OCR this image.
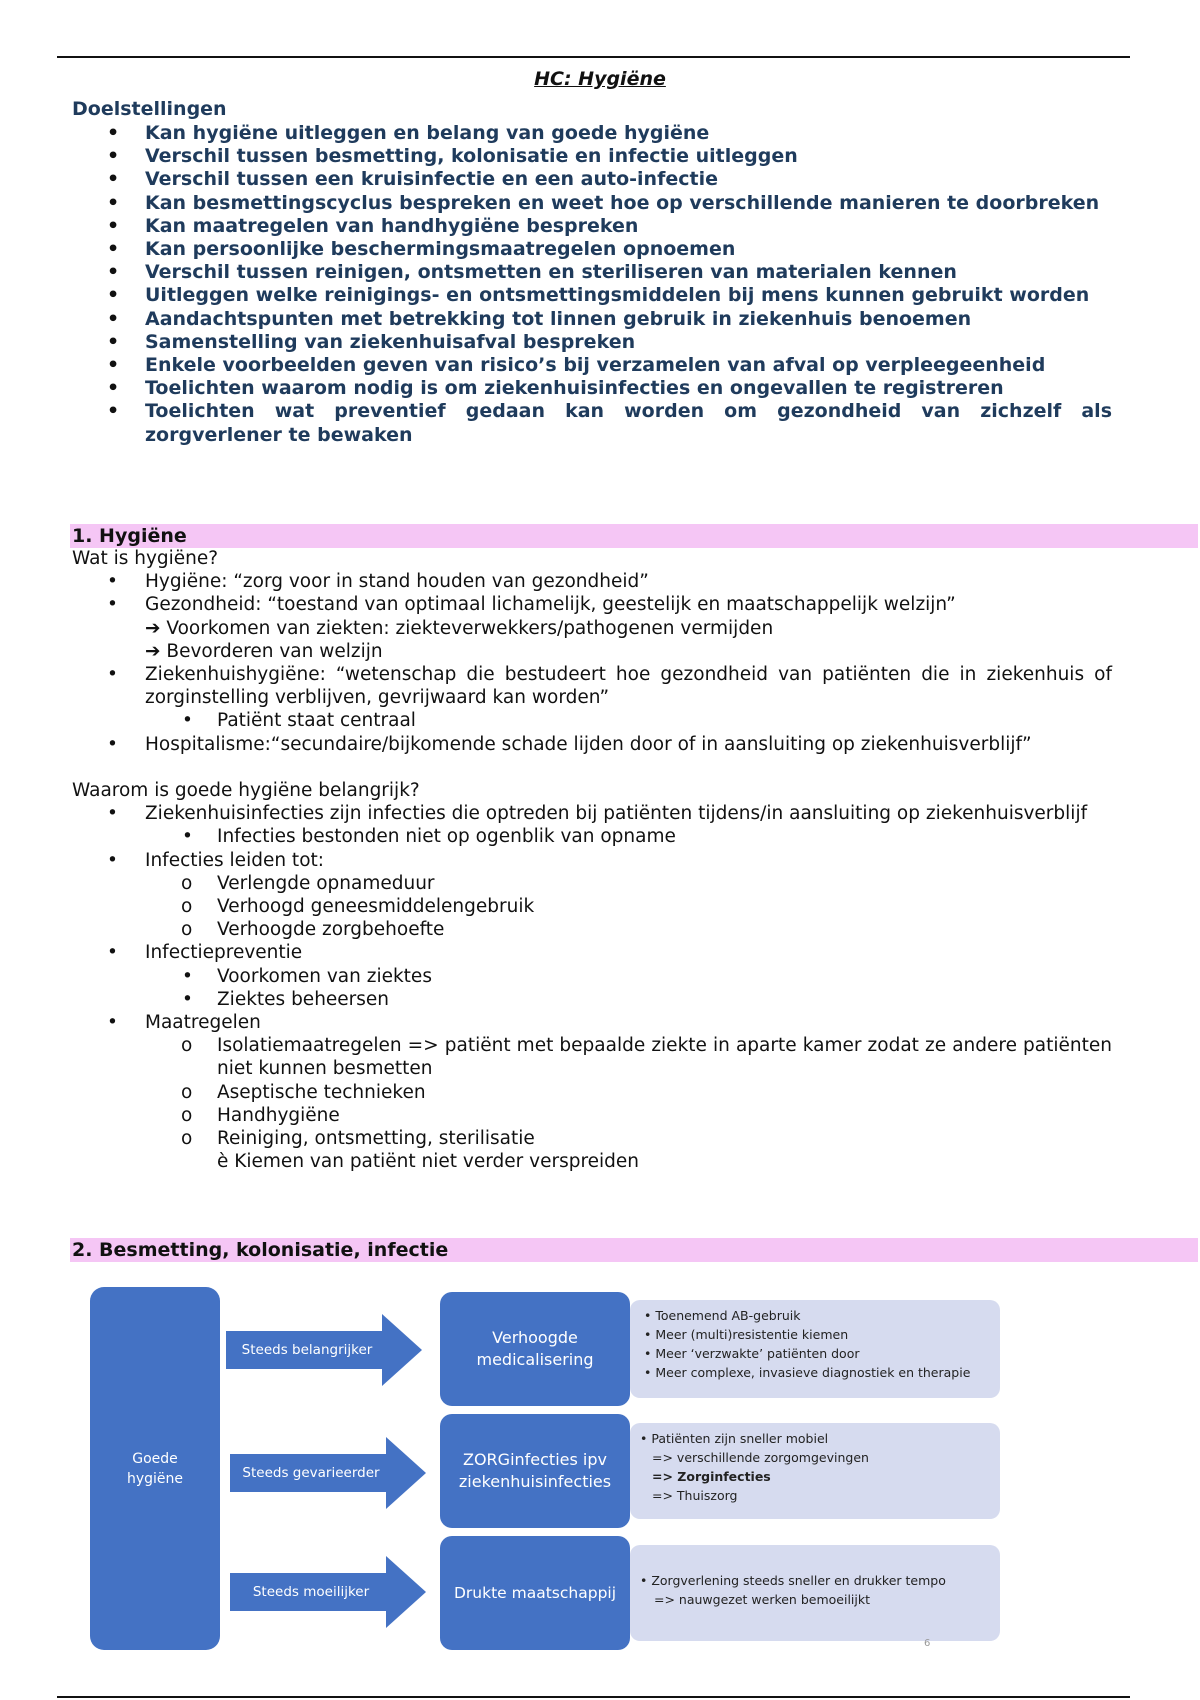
HC: Hygiëne
Doelstellingen
• Kan hygiëne uitleggen en belang van goede hygiëne
• Verschil tussen besmetting, kolonisatie en infectie uitleggen
• Verschil tussen een kruisinfectie en een auto-infectie
• Kan besmettingscyclus bespreken en weet hoe op verschillende manieren te doorbreken
• Kan maatregelen van handhygiëne bespreken
• Kan persoonlijke beschermingsmaatregelen opnoemen
• Verschil tussen reinigen, ontsmetten en steriliseren van materialen kennen
• Uitleggen welke reinigings- en ontsmettingsmiddelen bij mens kunnen gebruikt worden
• Aandachtspunten met betrekking tot linnen gebruik in ziekenhuis benoemen
• Samenstelling van ziekenhuisafval bespreken
• Enkele voorbeelden geven van risico’s bij verzamelen van afval op verpleegeenheid
• Toelichten waarom nodig is om ziekenhuisinfecties en ongevallen te registreren
• Toelichten wat preventief gedaan kan worden om gezondheid van zichzelf als zorgverlener te bewaken
1. Hygiëne

Wat is hygiëne?

• Hygiëne: “zorg voor in stand houden van gezondheid”

• Gezondheid: “toestand van optimaal lichamelijk, geestelijk en maatschappelijk welzijn”

➔ Voorkomen van ziekten: ziekteverwekkers/pathogenen vermijden

➔ Bevorderen van welzijn

• Ziekenhuishygiëne: “wetenschap die bestudeert hoe gezondheid van patiënten die in ziekenhuis of zorginstelling verblijven, gevrijwaard kan worden”

• Patiënt staat centraal

• Hospitalisme:“secundaire/bijkomende schade lijden door of in aansluiting op ziekenhuisverblijf”

Waarom is goede hygiëne belangrijk?

• Ziekenhuisinfecties zijn infecties die optreden bij patiënten tijdens/in aansluiting op ziekenhuisverblijf

• Infecties bestonden niet op ogenblik van opname

• Infecties leiden tot:

o Verlengde opnameduur

o Verhoogd geneesmiddelengebruik

o Verhoogde zorgbehoefte

• Infectiepreventie

• Voorkomen van ziektes

• Ziektes beheersen

• Maatregelen

o Isolatiemaatregelen => patiënt met bepaalde ziekte in aparte kamer zodat ze andere patiënten niet kunnen besmetten

o Aseptische technieken

o Handhygiëne

o Reiniging, ontsmetting, sterilisatie

è Kiemen van patiënt niet verder verspreiden

2. Besmetting, kolonisatie, infectie
Goede hygiëne
Steeds belangrijker
Verhoogde medicalisering
• Toenemend AB-gebruik
• Meer (multi)resistentie kiemen
• Meer ‘verzwakte’ patiënten door
• Meer complexe, invasieve diagnostiek en therapie
Steeds gevarieerder
ZORGinfecties ipv ziekenhuisinfecties
• Patiënten zijn sneller mobiel
=> verschillende zorgomgevingen
=> Zorginfecties
=> Thuiszorg
Steeds moeilijker	Drukte maatschappij
• Zorgverlening steeds sneller en drukker tempo
=> nauwgezet werken bemoeilijkt
6
